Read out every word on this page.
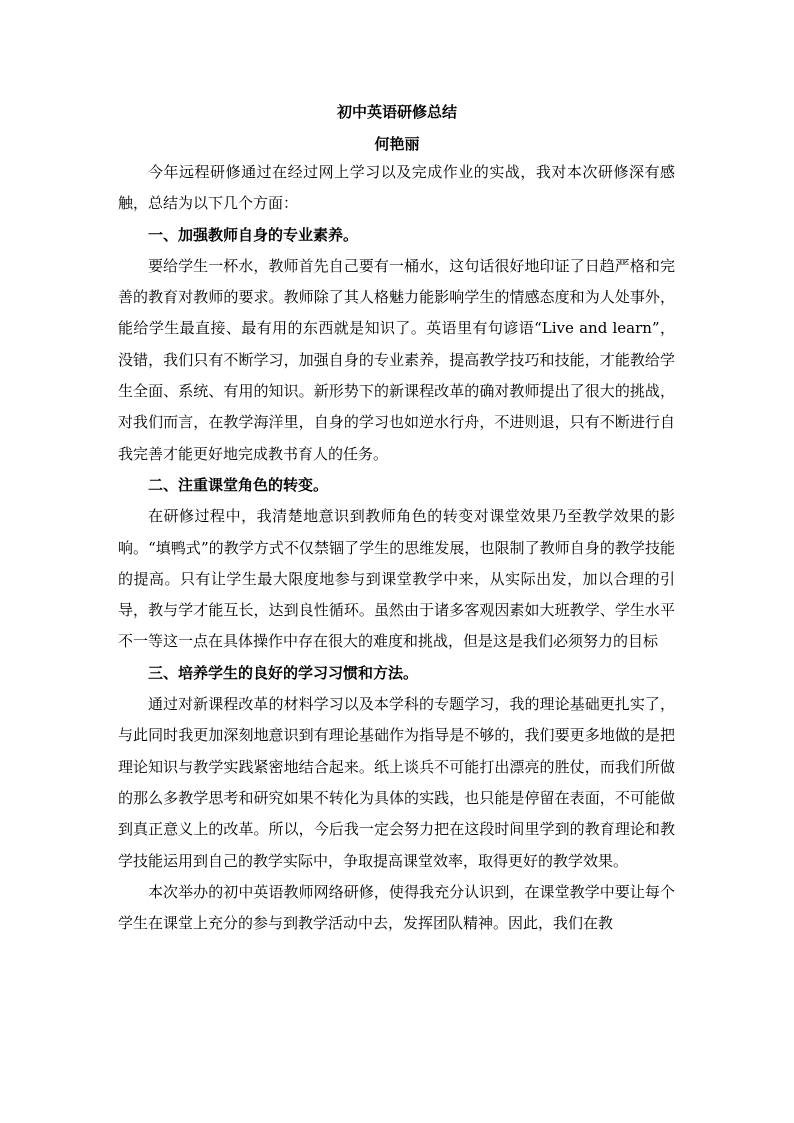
初中英语研修总结
何艳丽

今年远程研修通过在经过网上学习以及完成作业的实战，我对本次研修深有感触，总结为以下几个方面：

一、加强教师自身的专业素养。

要给学生一杯水，教师首先自己要有一桶水，这句话很好地印证了日趋严格和完善的教育对教师的要求。教师除了其人格魅力能影响学生的情感态度和为人处事外，能给学生最直接、最有用的东西就是知识了。英语里有句谚语“Live and learn”，没错，我们只有不断学习，加强自身的专业素养，提高教学技巧和技能，才能教给学生全面、系统、有用的知识。新形势下的新课程改革的确对教师提出了很大的挑战，对我们而言，在教学海洋里，自身的学习也如逆水行舟，不进则退，只有不断进行自我完善才能更好地完成教书育人的任务。

二、注重课堂角色的转变。

在研修过程中，我清楚地意识到教师角色的转变对课堂效果乃至教学效果的影响。“填鸭式”的教学方式不仅禁锢了学生的思维发展，也限制了教师自身的教学技能的提高。只有让学生最大限度地参与到课堂教学中来，从实际出发，加以合理的引导，教与学才能互长，达到良性循环。虽然由于诸多客观因素如大班教学、学生水平不一等这一点在具体操作中存在很大的难度和挑战，但是这是我们必须努力的目标

三、培养学生的良好的学习习惯和方法。

通过对新课程改革的材料学习以及本学科的专题学习，我的理论基础更扎实了，与此同时我更加深刻地意识到有理论基础作为指导是不够的，我们要更多地做的是把理论知识与教学实践紧密地结合起来。纸上谈兵不可能打出漂亮的胜仗，而我们所做的那么多教学思考和研究如果不转化为具体的实践，也只能是停留在表面，不可能做到真正意义上的改革。所以，今后我一定会努力把在这段时间里学到的教育理论和教学技能运用到自己的教学实际中，争取提高课堂效率，取得更好的教学效果。

本次举办的初中英语教师网络研修，使得我充分认识到，在课堂教学中要让每个学生在课堂上充分的参与到教学活动中去，发挥团队精神。因此，我们在教
